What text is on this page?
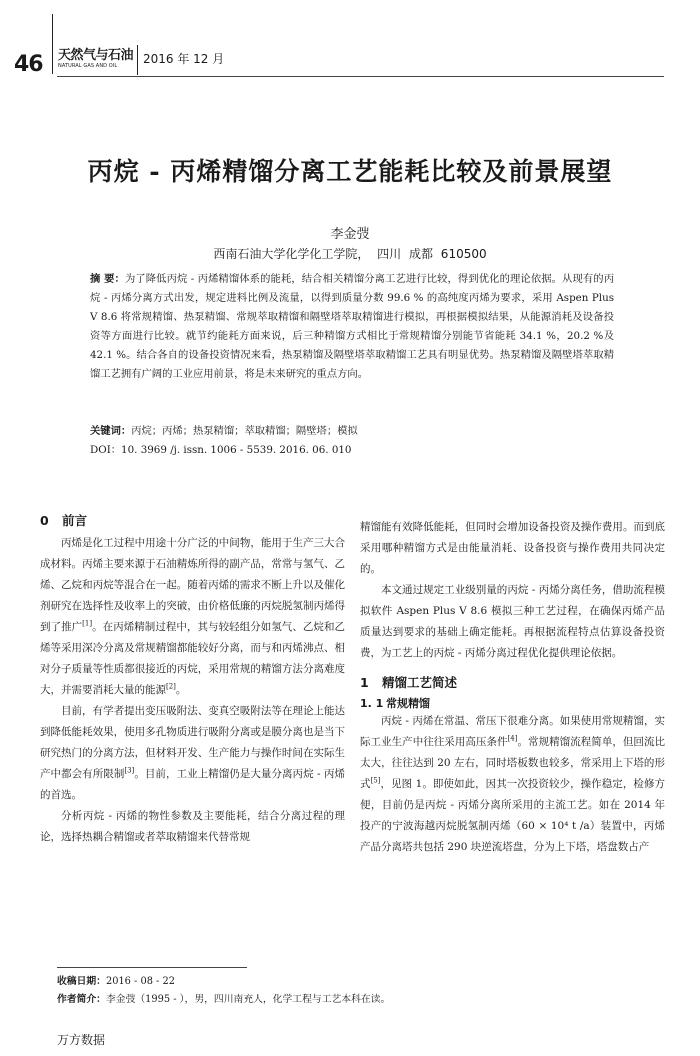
46 天然气与石油
NATURAL GAS AND OIL 2016 年 12 月
丙烷 - 丙烯精馏分离工艺能耗比较及前景展望
李金弢
西南石油大学化学化工学院， 四川 成都 610500
摘 要：为了降低丙烷 - 丙烯精馏体系的能耗，结合相关精馏分离工艺进行比较，得到优化的理论依据。从现有的丙烷 - 丙烯分离方式出发，规定进料比例及流量，以得到质量分数 99.6 % 的高纯度丙烯为要求，采用 Aspen Plus V 8.6 将常规精馏、热泵精馏、常规萃取精馏和隔壁塔萃取精馏进行模拟，再根据模拟结果，从能源消耗及设备投资等方面进行比较。就节约能耗方面来说，后三种精馏方式相比于常规精馏分别能节省能耗 34.1 %，20.2 %及 42.1 %。结合各自的设备投资情况来看，热泵精馏及隔壁塔萃取精馏工艺具有明显优势。热泵精馏及隔壁塔萃取精馏工艺拥有广阔的工业应用前景，将是未来研究的重点方向。
关键词：丙烷；丙烯；热泵精馏；萃取精馏；隔壁塔；模拟
DOI：10. 3969 /j. issn. 1006 - 5539. 2016. 06. 010
0 前言

丙烯是化工过程中用途十分广泛的中间物，能用于生产三大合成材料。丙烯主要来源于石油精炼所得的副产品，常常与氢气、乙烯、乙烷和丙烷等混合在一起。随着丙烯的需求不断上升以及催化剂研究在选择性及收率上的突破，由价格低廉的丙烷脱氢制丙烯得到了推广[1]。在丙烯精制过程中，其与较轻组分如氢气、乙烷和乙烯等采用深冷分离及常规精馏都能较好分离，而与和丙烯沸点、相对分子质量等性质都很接近的丙烷，采用常规的精馏方法分离难度大，并需要消耗大量的能源[2]。

目前，有学者提出变压吸附法、变真空吸附法等在理论上能达到降低能耗效果，使用多孔物质进行吸附分离或是膜分离也是当下研究热门的分离方法，但材料开发、生产能力与操作时间在实际生产中都会有所限制[3]。目前，工业上精馏仍是大量分离丙烷 - 丙烯的首选。

分析丙烷 - 丙烯的物性参数及主要能耗，结合分离过程的理论，选择热耦合精馏或者萃取精馏来代替常规

精馏能有效降低能耗，但同时会增加设备投资及操作费用。而到底采用哪种精馏方式是由能量消耗、设备投资与操作费用共同决定的。

本文通过规定工业级别量的丙烷 - 丙烯分离任务，借助流程模拟软件 Aspen Plus V 8.6 模拟三种工艺过程，在确保丙烯产品质量达到要求的基础上确定能耗。再根据流程特点估算设备投资费，为工艺上的丙烷 - 丙烯分离过程优化提供理论依据。

1 精馏工艺简述
1. 1 常规精馏

丙烷 - 丙烯在常温、常压下很难分离。如果使用常规精馏，实际工业生产中往往采用高压条件[4]。常规精馏流程简单，但回流比太大，往往达到 20 左右，同时塔板数也较多，常采用上下塔的形式[5]，见图 1。即使如此，因其一次投资较少，操作稳定，检修方便，目前仍是丙烷 - 丙烯分离所采用的主流工艺。如在 2014 年投产的宁波海越丙烷脱氢制丙烯（60 × 10⁴ t /a）装置中，丙烯产品分离塔共包括 290 块逆流塔盘，分为上下塔，塔盘数占产

收稿日期：2016 - 08 - 22
作者简介：李金弢（1995 - ），男，四川南充人，化学工程与工艺本科在读。
万方数据
